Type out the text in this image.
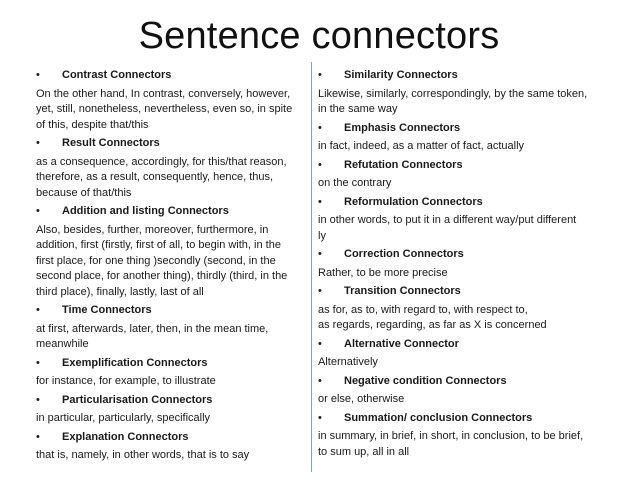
Sentence connectors
•	Contrast Connectors
On the other hand, In contrast, conversely, however,
yet, still, nonetheless, nevertheless, even so, in spite
of this, despite that/this
•	Result Connectors
as a consequence, accordingly, for this/that reason,
therefore, as a result, consequently, hence, thus,
because of that/this
•	Addition and listing Connectors
Also, besides, further, moreover, furthermore, in
addition, first (firstly, first of all, to begin with, in the
first place, for one thing )secondly (second, in the
second place, for another thing), thirdly (third, in the
third place), finally, lastly, last of all
•	Time Connectors
at first, afterwards, later, then, in the mean time,
meanwhile
•	Exemplification Connectors
for instance, for example, to illustrate
•	Particularisation Connectors
in particular, particularly, specifically
•	Explanation Connectors
that is, namely, in other words, that is to say
•	Similarity Connectors
Likewise, similarly, correspondingly, by the same token,
in the same way
•	Emphasis Connectors
in fact, indeed, as a matter of fact, actually
•	Refutation Connectors
on the contrary
•	Reformulation Connectors
in other words, to put it in a different way/put different
ly
•	Correction Connectors
Rather, to be more precise
•	Transition Connectors
as for, as to, with regard to, with respect to,
as regards, regarding, as far as X is concerned
•	Alternative Connector
Alternatively
•	Negative condition Connectors
or else, otherwise
•	Summation/ conclusion Connectors
in summary, in brief, in short, in conclusion, to be brief,
to sum up, all in all
